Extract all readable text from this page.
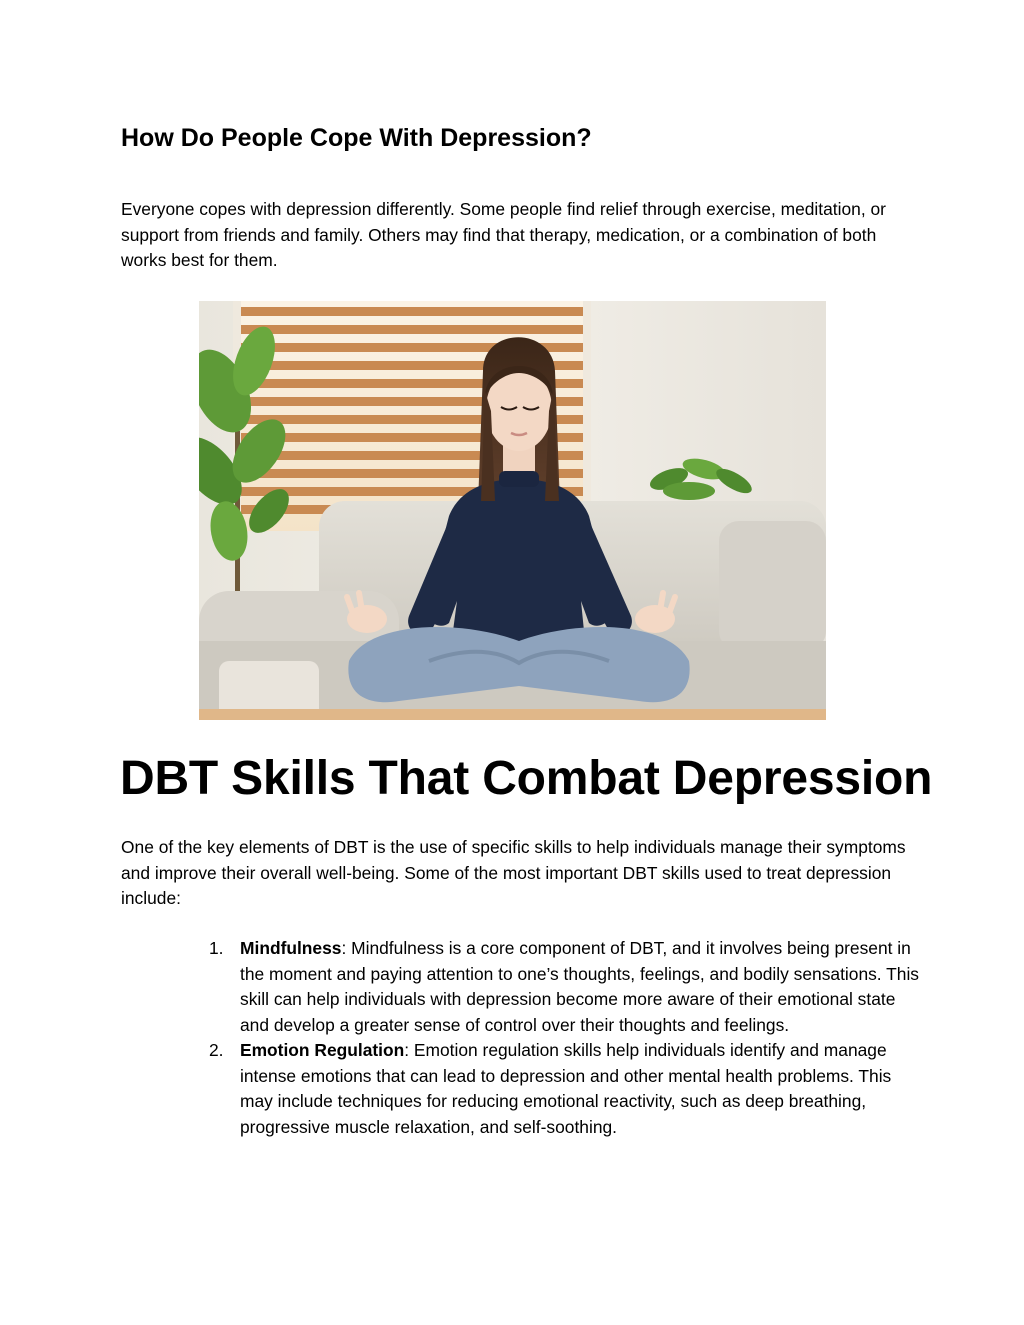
How Do People Cope With Depression?

Everyone copes with depression differently. Some people find relief through exercise, meditation, or support from friends and family. Others may find that therapy, medication, or a combination of both works best for them.

DBT Skills That Combat Depression

One of the key elements of DBT is the use of specific skills to help individuals manage their symptoms and improve their overall well-being. Some of the most important DBT skills used to treat depression include:

1. Mindfulness: Mindfulness is a core component of DBT, and it involves being present in the moment and paying attention to one’s thoughts, feelings, and bodily sensations. This skill can help individuals with depression become more aware of their emotional state and develop a greater sense of control over their thoughts and feelings.
2. Emotion Regulation: Emotion regulation skills help individuals identify and manage intense emotions that can lead to depression and other mental health problems. This may include techniques for reducing emotional reactivity, such as deep breathing, progressive muscle relaxation, and self-soothing.
